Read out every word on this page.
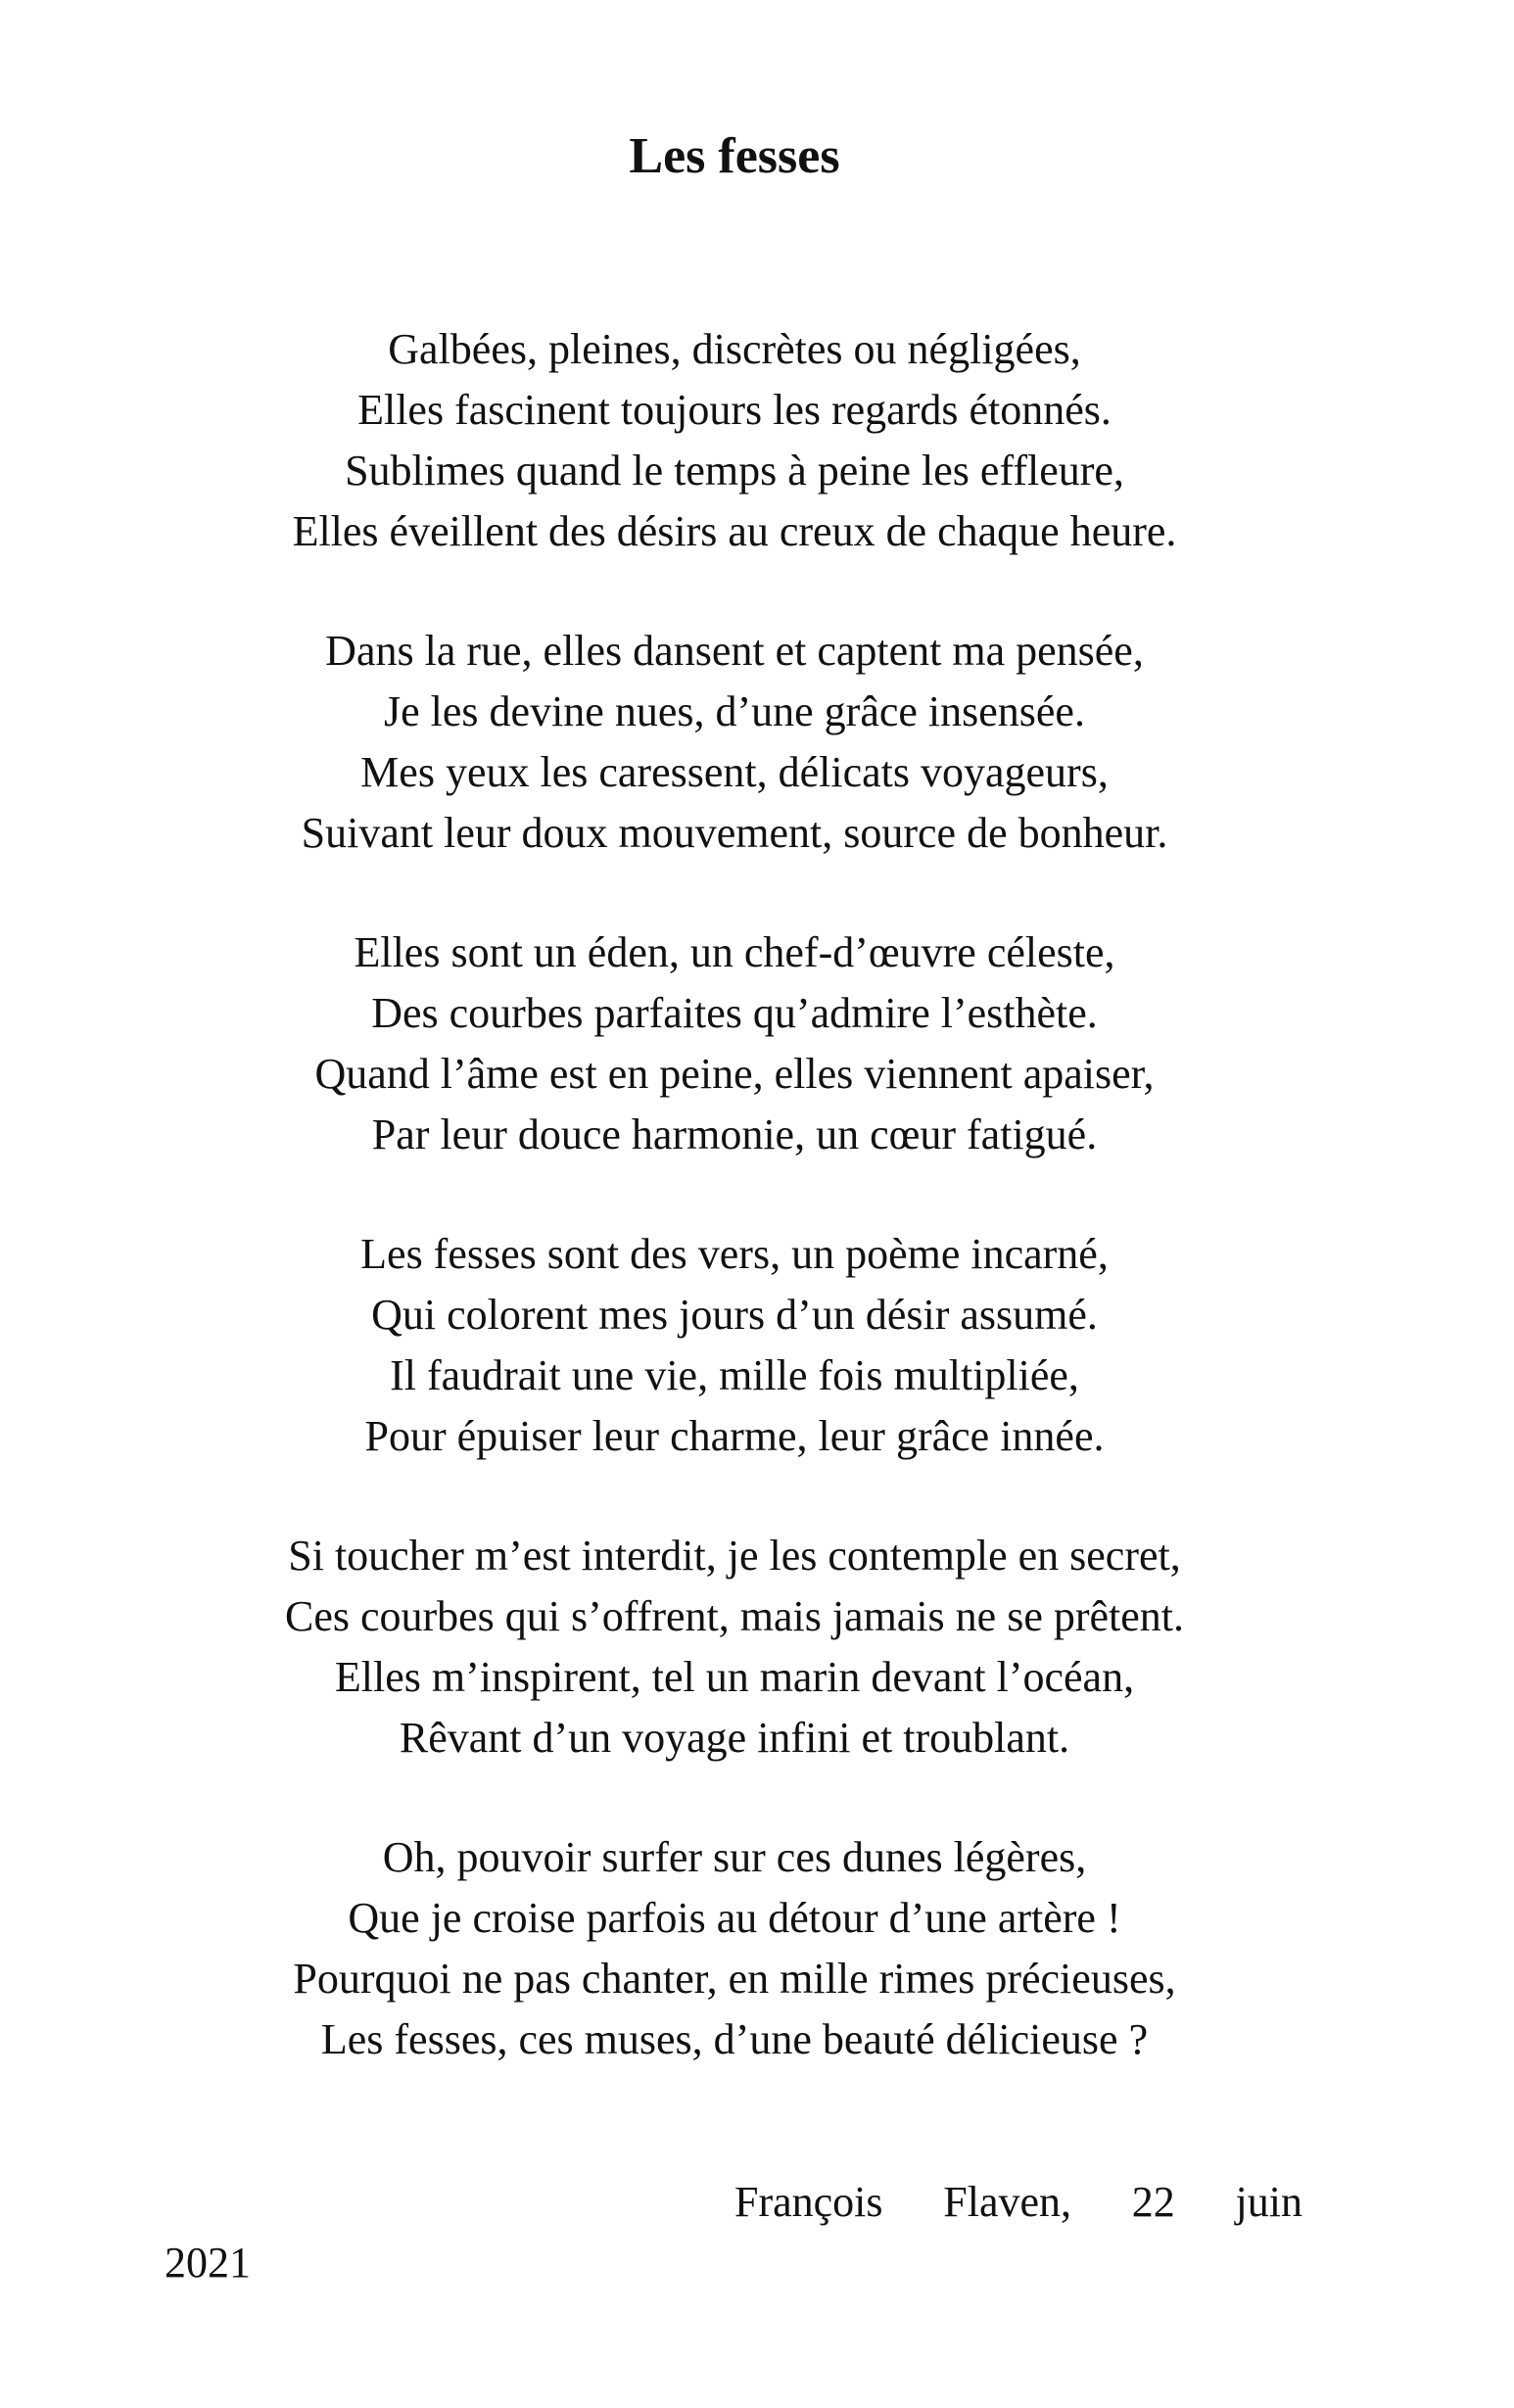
Les fesses
Galbées, pleines, discrètes ou négligées,
Elles fascinent toujours les regards étonnés.
Sublimes quand le temps à peine les effleure,
Elles éveillent des désirs au creux de chaque heure.
Dans la rue, elles dansent et captent ma pensée,
Je les devine nues, d’une grâce insensée.
Mes yeux les caressent, délicats voyageurs,
Suivant leur doux mouvement, source de bonheur.
Elles sont un éden, un chef-d’œuvre céleste,
Des courbes parfaites qu’admire l’esthète.
Quand l’âme est en peine, elles viennent apaiser,
Par leur douce harmonie, un cœur fatigué.
Les fesses sont des vers, un poème incarné,
Qui colorent mes jours d’un désir assumé.
Il faudrait une vie, mille fois multipliée,
Pour épuiser leur charme, leur grâce innée.
Si toucher m’est interdit, je les contemple en secret,
Ces courbes qui s’offrent, mais jamais ne se prêtent.
Elles m’inspirent, tel un marin devant l’océan,
Rêvant d’un voyage infini et troublant.
Oh, pouvoir surfer sur ces dunes légères,
Que je croise parfois au détour d’une artère !
Pourquoi ne pas chanter, en mille rimes précieuses,
Les fesses, ces muses, d’une beauté délicieuse ?
François Flaven, 22 juin
2021
